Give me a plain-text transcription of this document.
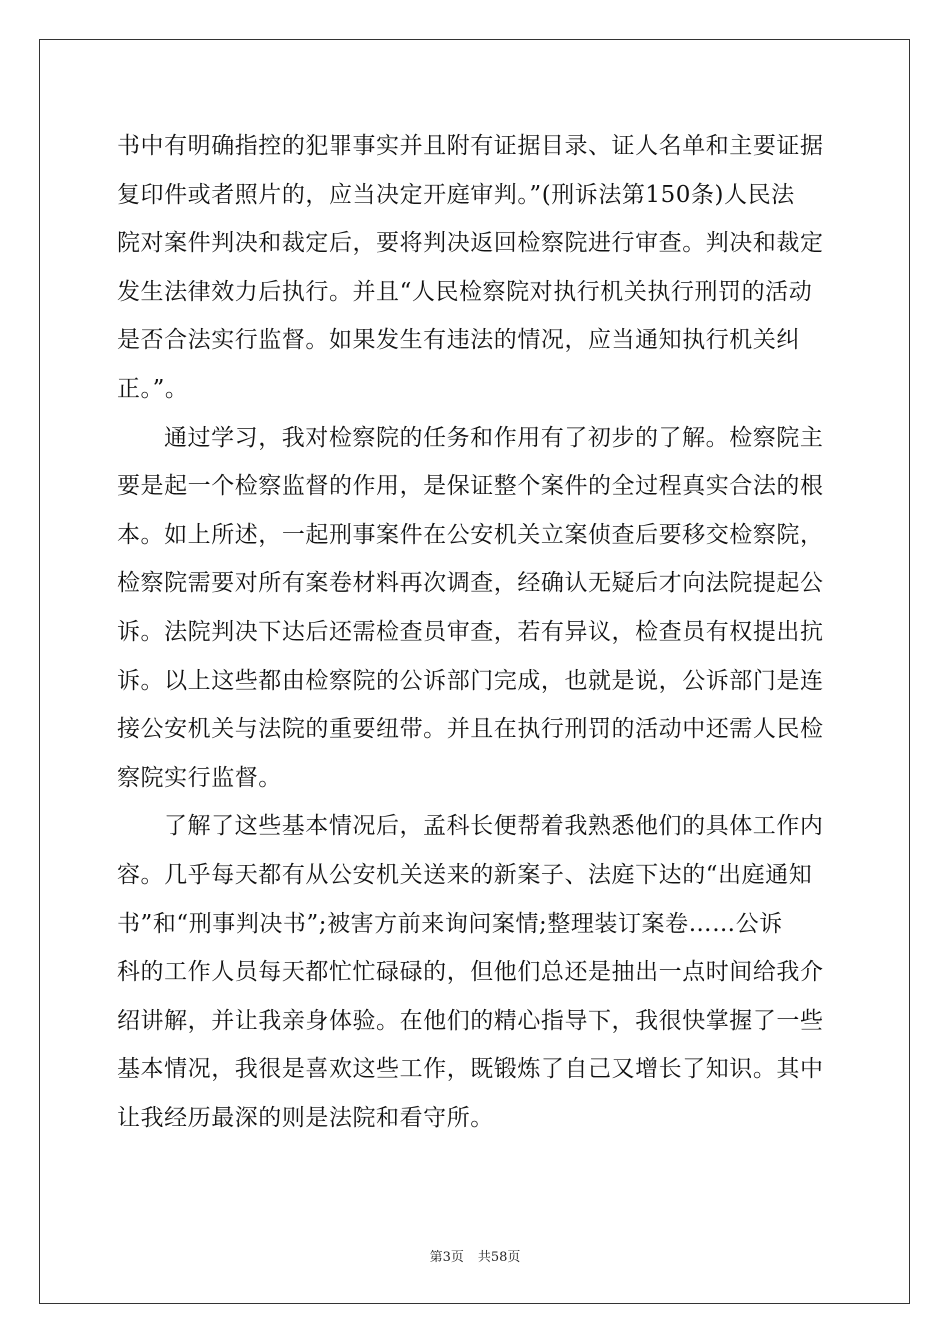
书中有明确指控的犯罪事实并且附有证据目录、证人名单和主要证据
复印件或者照片的，应当决定开庭审判。”(刑诉法第150条)人民法
院对案件判决和裁定后，要将判决返回检察院进行审查。判决和裁定
发生法律效力后执行。并且“人民检察院对执行机关执行刑罚的活动
是否合法实行监督。如果发生有违法的情况，应当通知执行机关纠
正。”。
通过学习，我对检察院的任务和作用有了初步的了解。检察院主
要是起一个检察监督的作用，是保证整个案件的全过程真实合法的根
本。如上所述，一起刑事案件在公安机关立案侦查后要移交检察院，
检察院需要对所有案卷材料再次调查，经确认无疑后才向法院提起公
诉。法院判决下达后还需检查员审查，若有异议，检查员有权提出抗
诉。以上这些都由检察院的公诉部门完成，也就是说，公诉部门是连
接公安机关与法院的重要纽带。并且在执行刑罚的活动中还需人民检
察院实行监督。
了解了这些基本情况后，孟科长便帮着我熟悉他们的具体工作内
容。几乎每天都有从公安机关送来的新案子、法庭下达的“出庭通知
书”和“刑事判决书”;被害方前来询问案情;整理装订案卷……公诉
科的工作人员每天都忙忙碌碌的，但他们总还是抽出一点时间给我介
绍讲解，并让我亲身体验。在他们的精心指导下，我很快掌握了一些
基本情况，我很是喜欢这些工作，既锻炼了自己又增长了知识。其中
让我经历最深的则是法院和看守所。
第3页 共58页
